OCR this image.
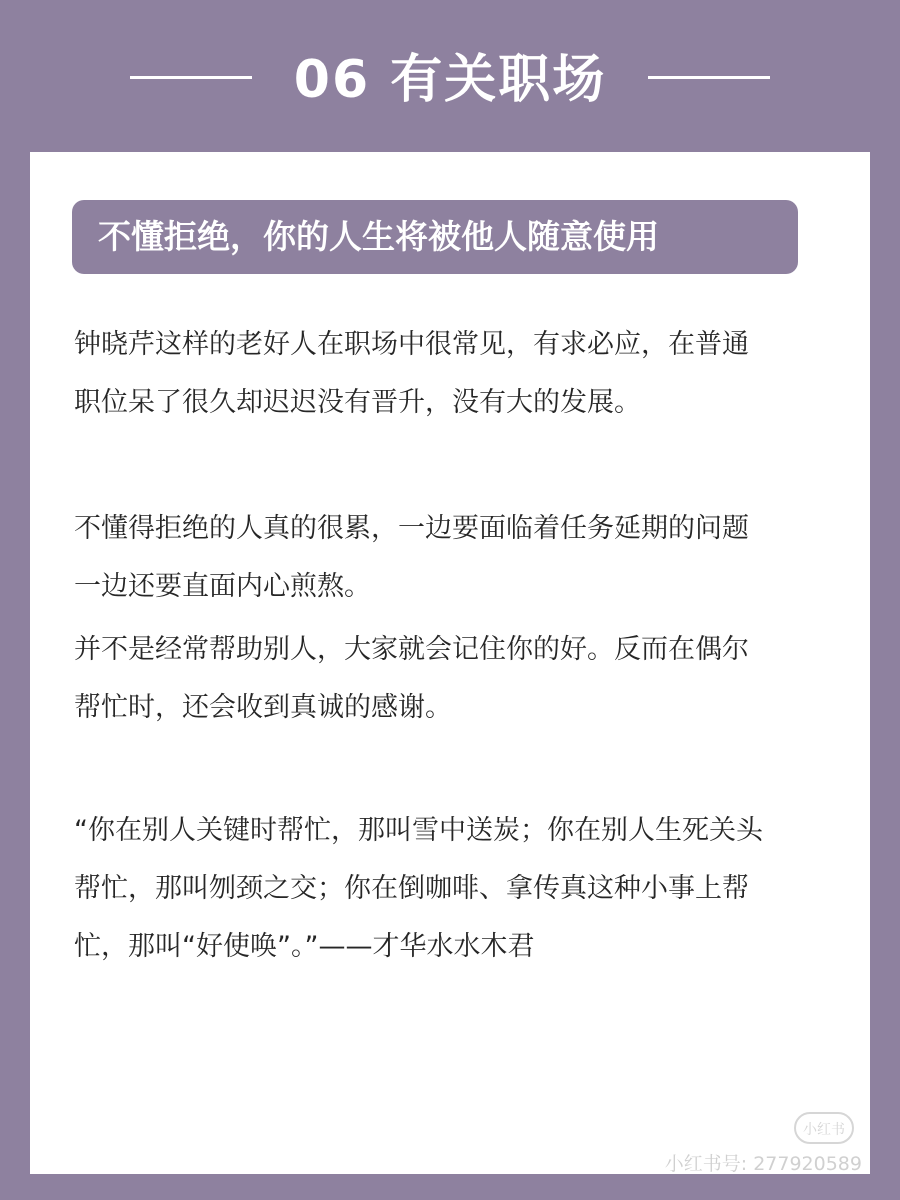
06 有关职场
不懂拒绝，你的人生将被他人随意使用

钟晓芹这样的老好人在职场中很常见，有求必应，在普通
职位呆了很久却迟迟没有晋升，没有大的发展。

不懂得拒绝的人真的很累，一边要面临着任务延期的问题
一边还要直面内心煎熬。

并不是经常帮助别人，大家就会记住你的好。反而在偶尔
帮忙时，还会收到真诚的感谢。

“你在别人关键时帮忙，那叫雪中送炭；你在别人生死关头
帮忙，那叫刎颈之交；你在倒咖啡、拿传真这种小事上帮
忙，那叫“好使唤”。”——才华水水木君

小红书
小红书号: 277920589
